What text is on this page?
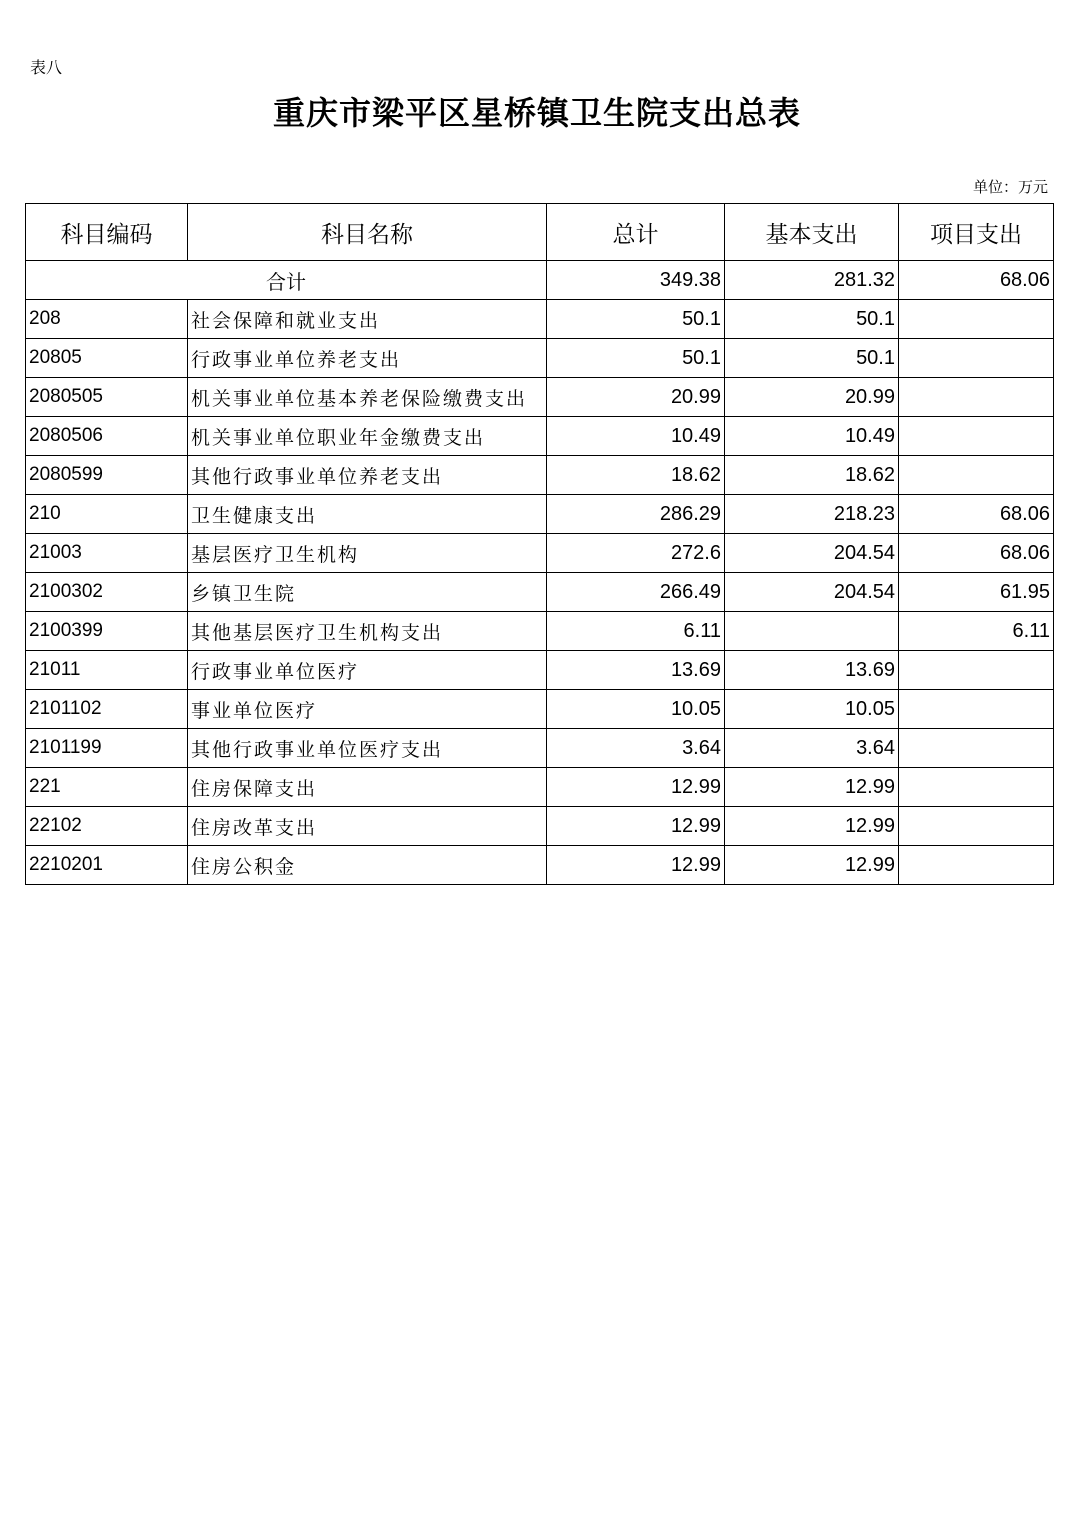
表八
重庆市梁平区星桥镇卫生院支出总表
单位：万元
科目编码	科目名称	总计	基本支出	项目支出
合计		349.38	281.32	68.06
208	社会保障和就业支出	50.1	50.1	
20805	行政事业单位养老支出	50.1	50.1	
2080505	机关事业单位基本养老保险缴费支出	20.99	20.99	
2080506	机关事业单位职业年金缴费支出	10.49	10.49	
2080599	其他行政事业单位养老支出	18.62	18.62	
210	卫生健康支出	286.29	218.23	68.06
21003	基层医疗卫生机构	272.6	204.54	68.06
2100302	乡镇卫生院	266.49	204.54	61.95
2100399	其他基层医疗卫生机构支出	6.11		6.11
21011	行政事业单位医疗	13.69	13.69	
2101102	事业单位医疗	10.05	10.05	
2101199	其他行政事业单位医疗支出	3.64	3.64	
221	住房保障支出	12.99	12.99	
22102	住房改革支出	12.99	12.99	
2210201	住房公积金	12.99	12.99	
